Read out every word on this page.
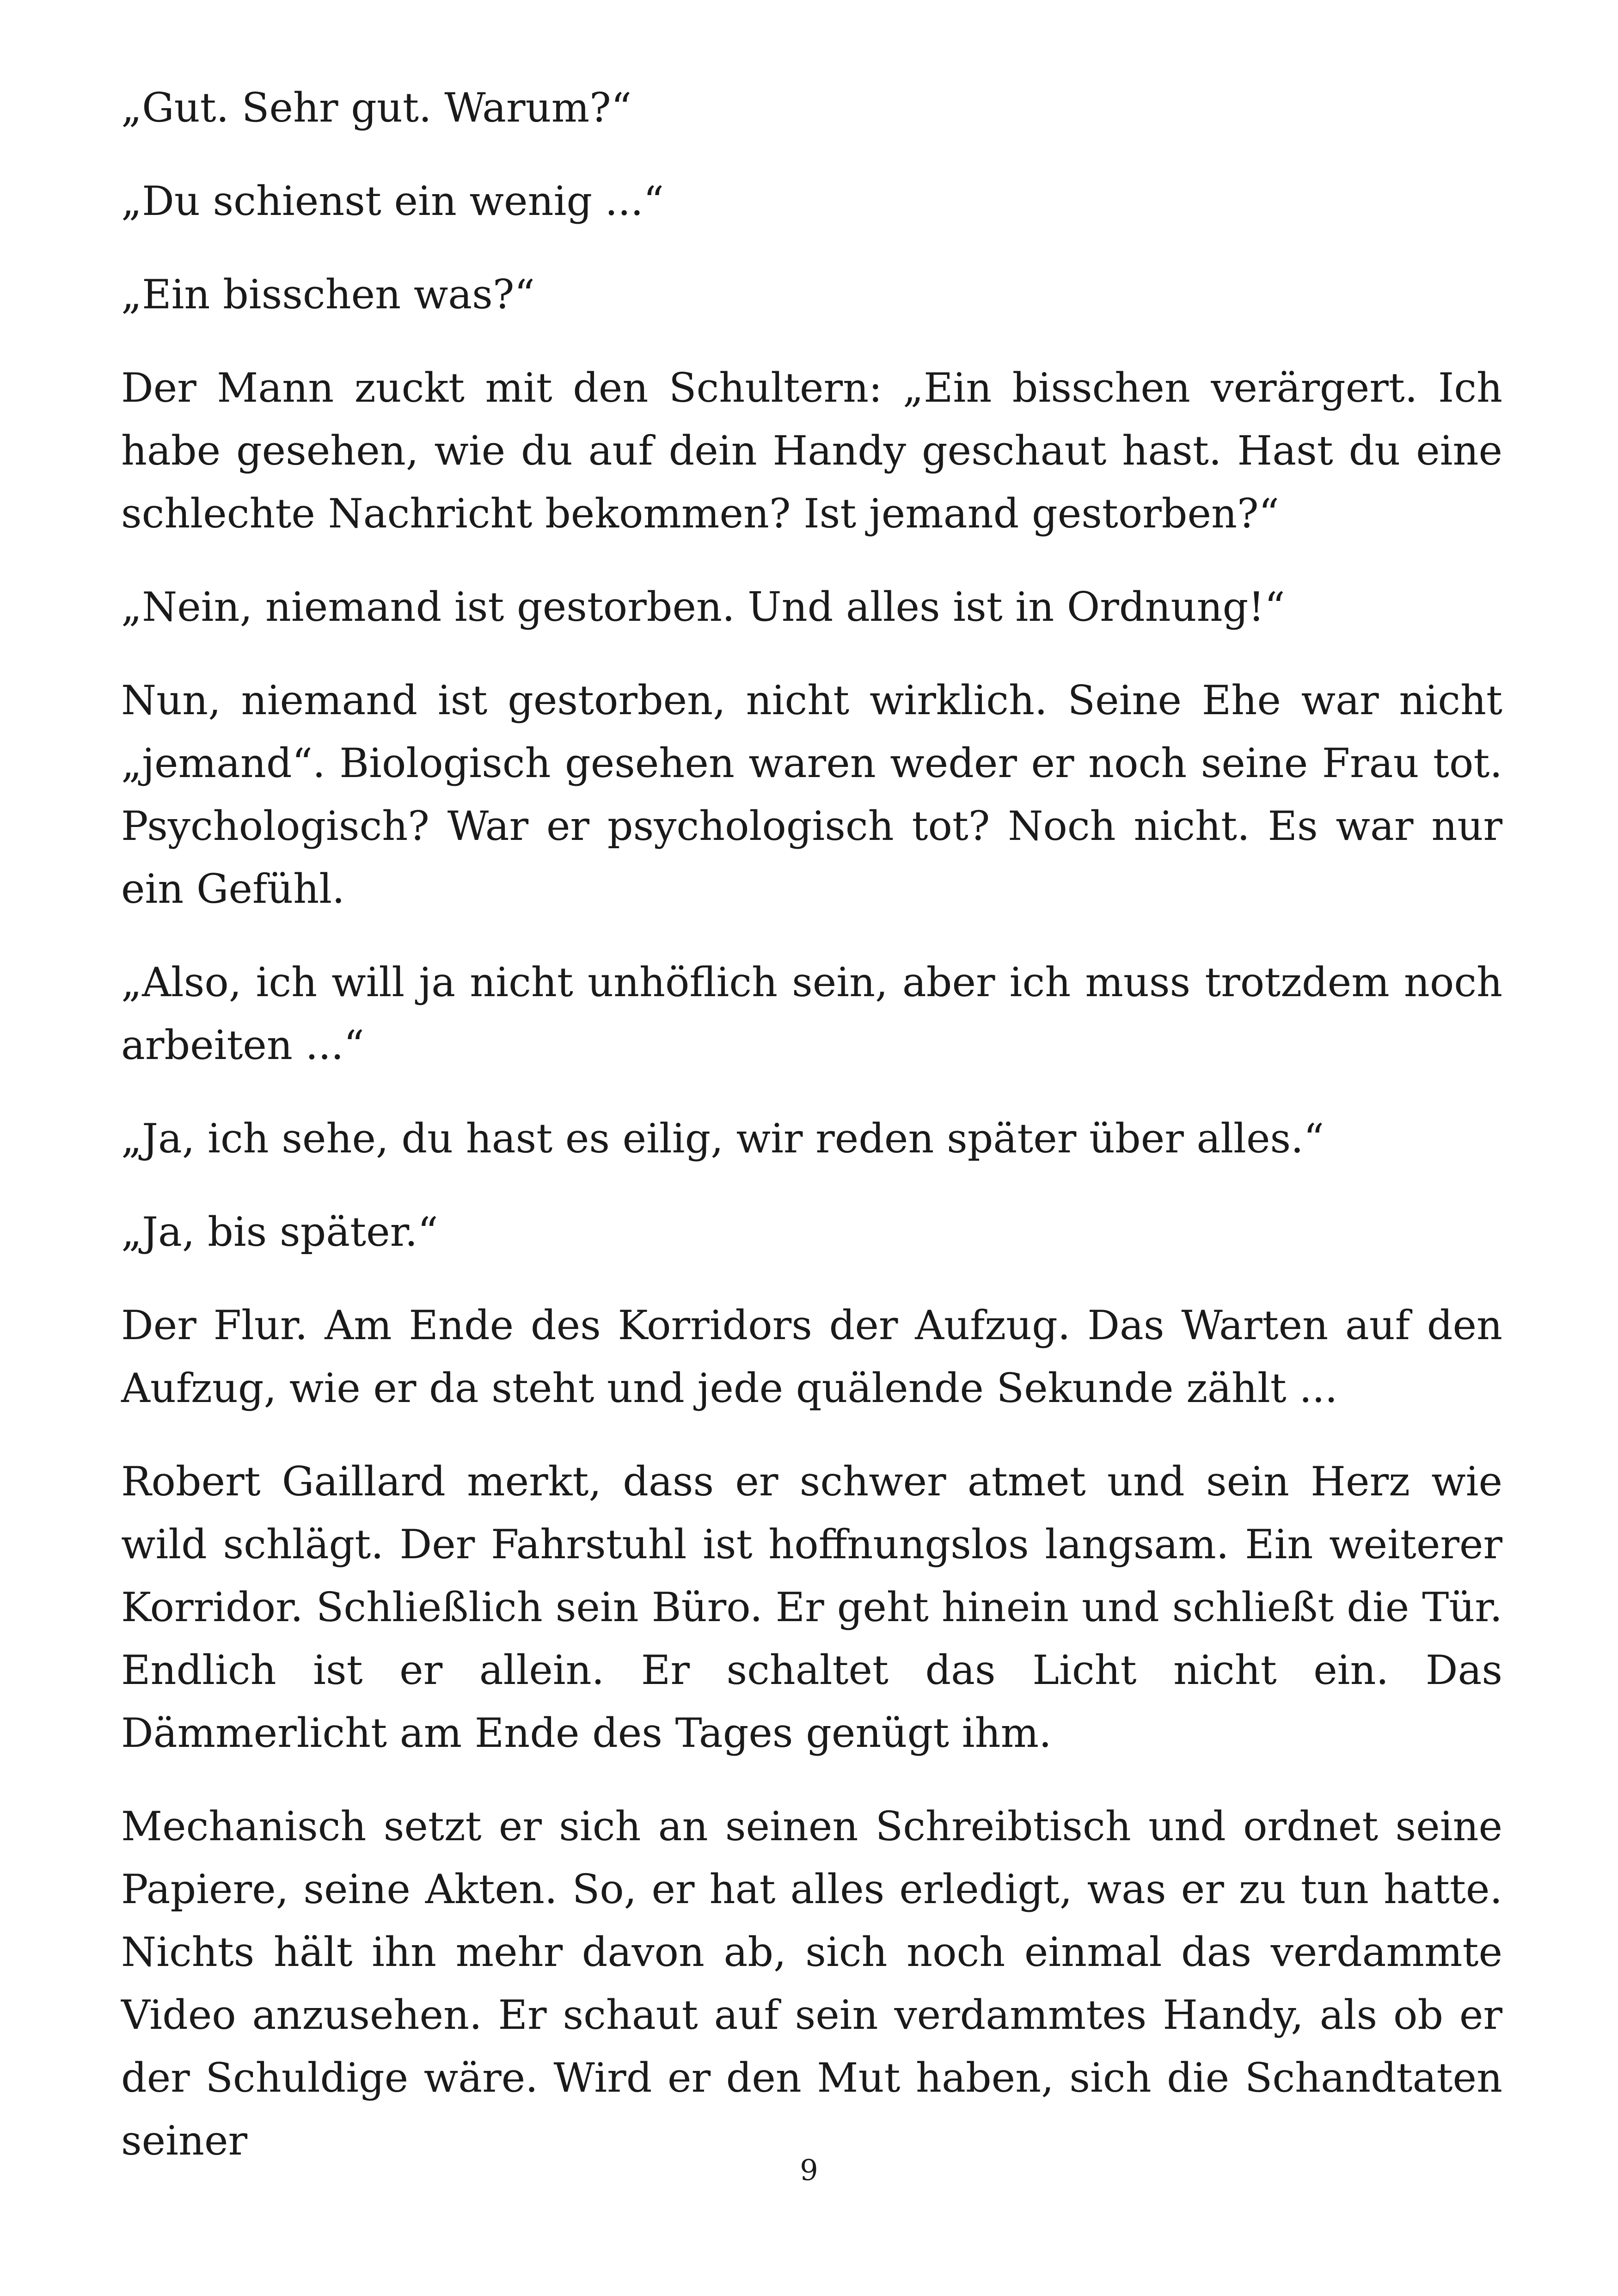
„Gut. Sehr gut. Warum?“

„Du schienst ein wenig ...“

„Ein bisschen was?“

Der Mann zuckt mit den Schultern: „Ein bisschen verärgert. Ich habe gesehen, wie du auf dein Handy geschaut hast. Hast du eine schlechte Nachricht bekommen? Ist jemand gestorben?“

„Nein, niemand ist gestorben. Und alles ist in Ordnung!“

Nun, niemand ist gestorben, nicht wirklich. Seine Ehe war nicht „jemand“. Biologisch gesehen waren weder er noch seine Frau tot. Psychologisch? War er psychologisch tot? Noch nicht. Es war nur ein Gefühl.

„Also, ich will ja nicht unhöflich sein, aber ich muss trotzdem noch arbeiten ...“

„Ja, ich sehe, du hast es eilig, wir reden später über alles.“

„Ja, bis später.“

Der Flur. Am Ende des Korridors der Aufzug. Das Warten auf den Aufzug, wie er da steht und jede quälende Sekunde zählt ...

Robert Gaillard merkt, dass er schwer atmet und sein Herz wie wild schlägt. Der Fahrstuhl ist hoffnungslos langsam. Ein weiterer Korridor. Schließlich sein Büro. Er geht hinein und schließt die Tür. Endlich ist er allein. Er schaltet das Licht nicht ein. Das Dämmerlicht am Ende des Tages genügt ihm.

Mechanisch setzt er sich an seinen Schreibtisch und ordnet seine Papiere, seine Akten. So, er hat alles erledigt, was er zu tun hatte. Nichts hält ihn mehr davon ab, sich noch einmal das verdammte Video anzusehen. Er schaut auf sein verdammtes Handy, als ob er der Schuldige wäre. Wird er den Mut haben, sich die Schandtaten seiner

9
